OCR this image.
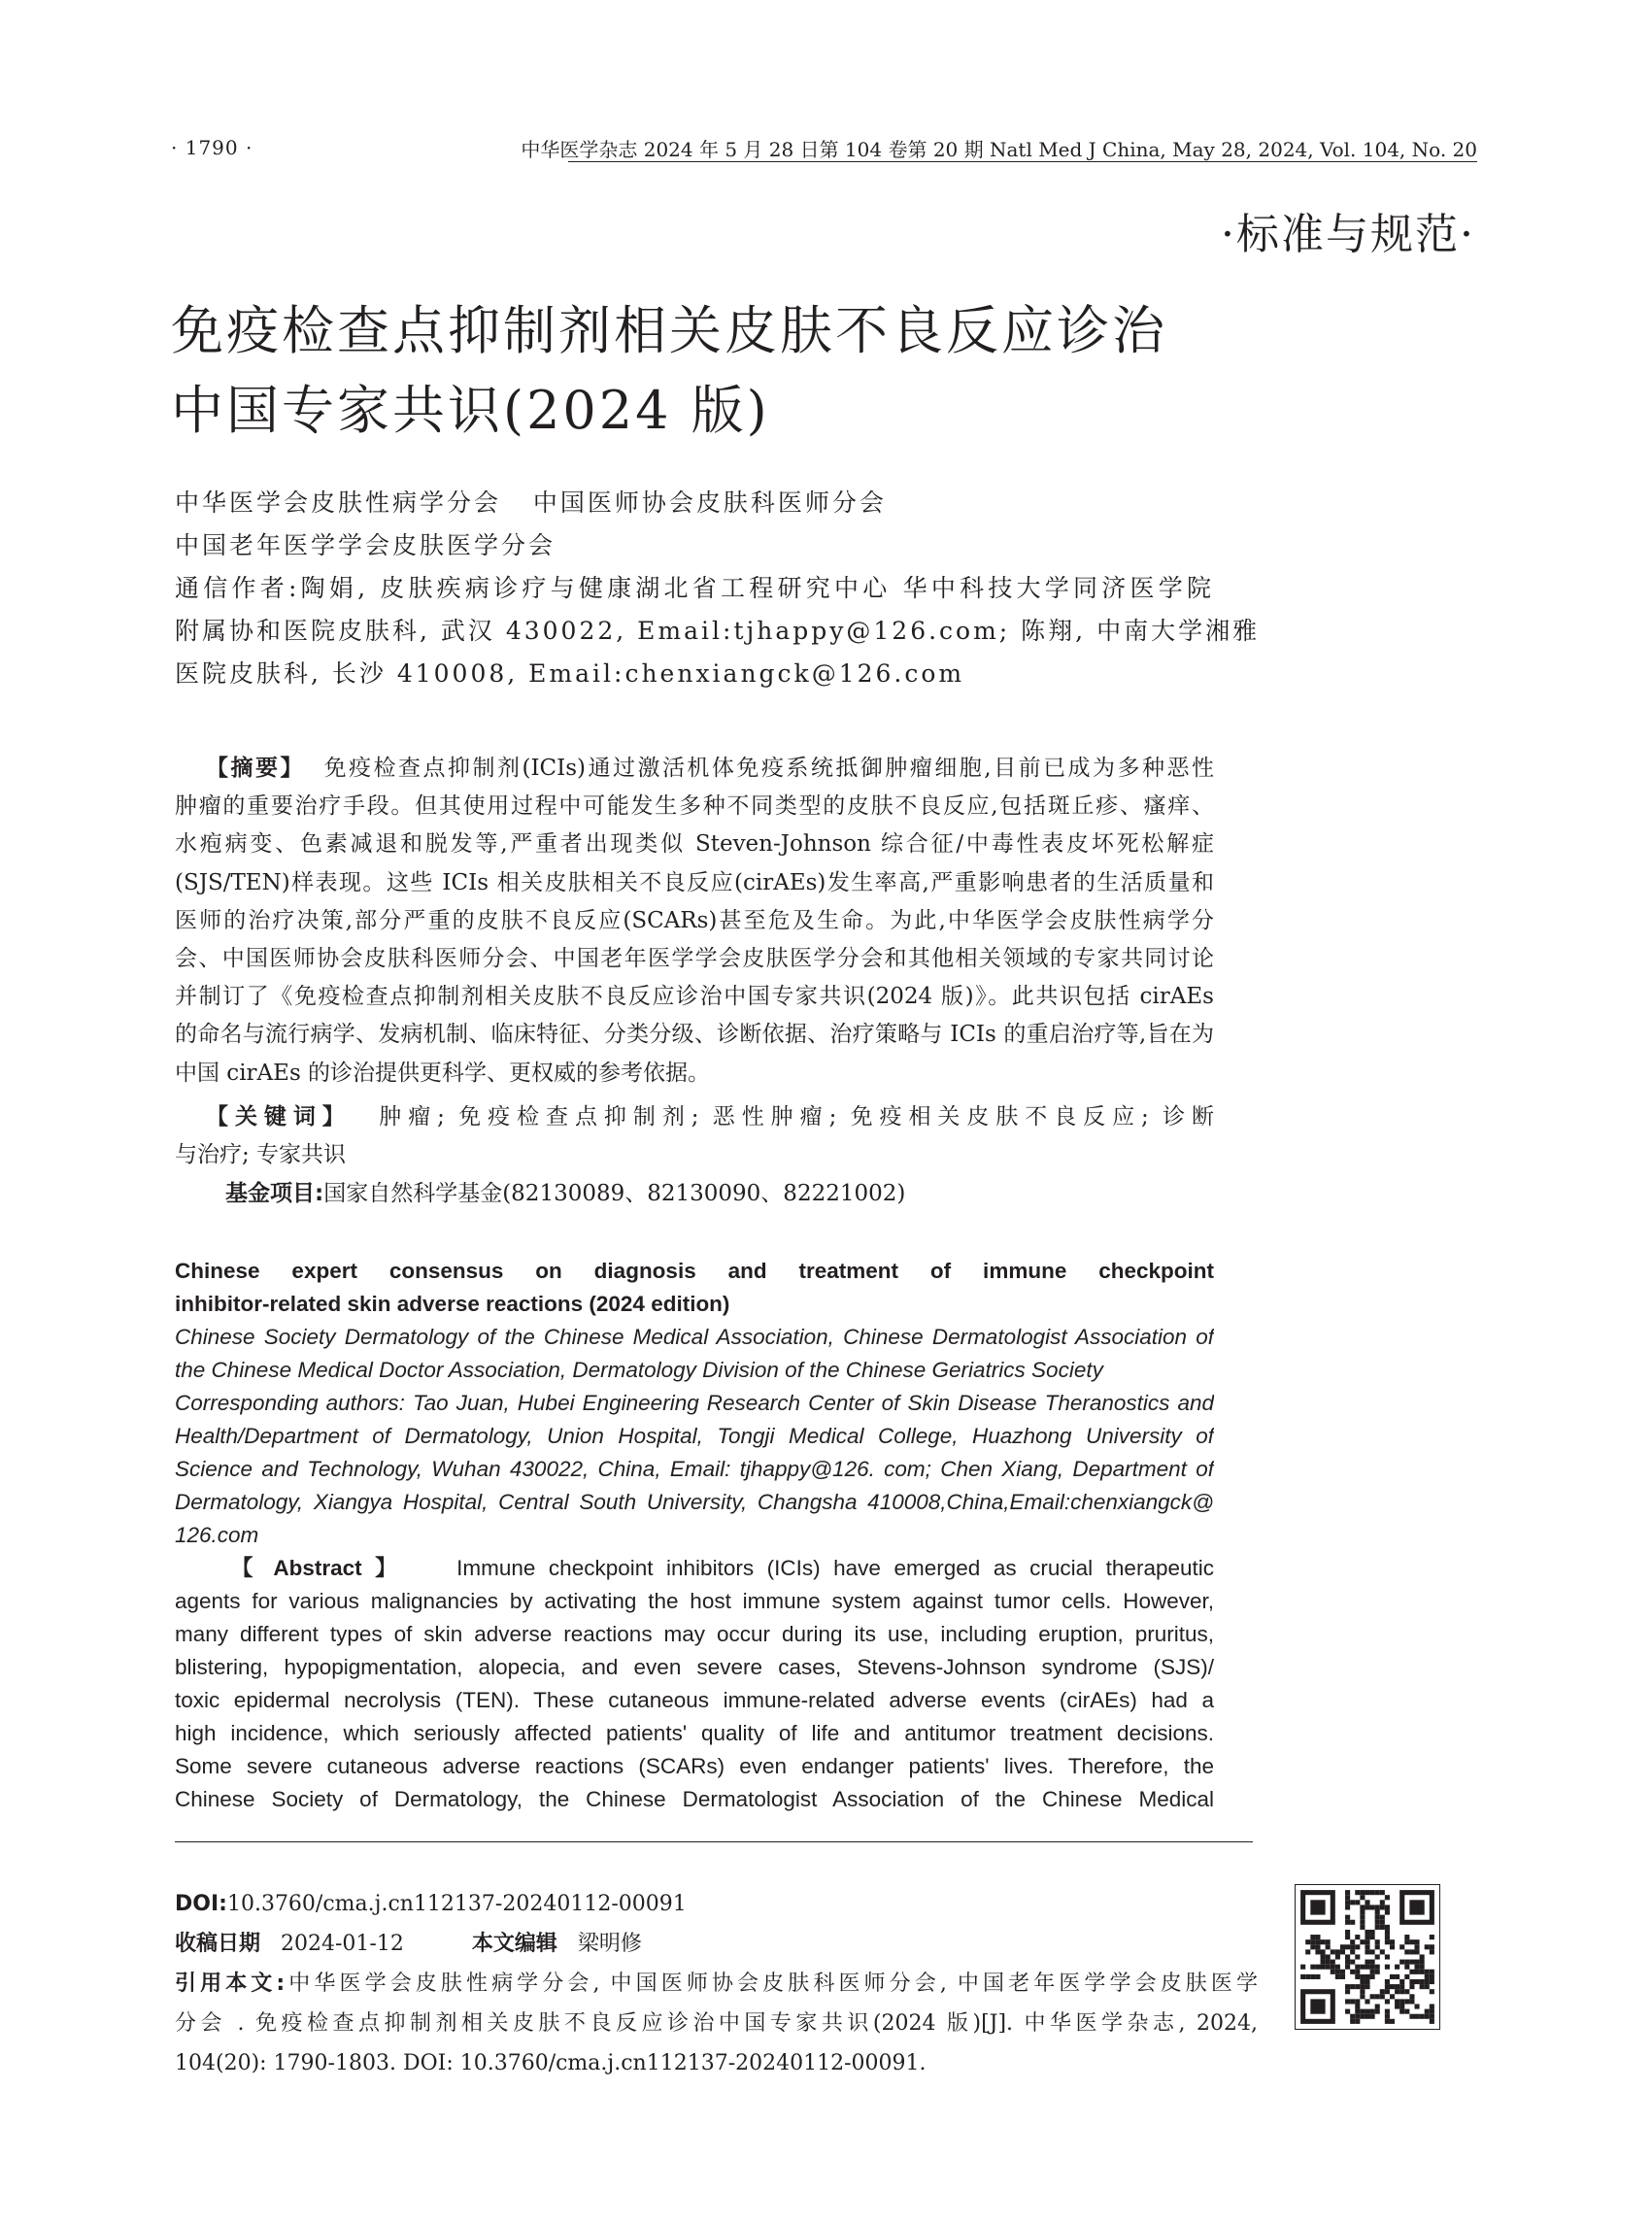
· 1790 ·	中华医学杂志 2024 年 5 月 28 日第 104 卷第 20 期 Natl Med J China, May 28, 2024, Vol. 104, No. 20
·标准与规范·
免疫检查点抑制剂相关皮肤不良反应诊治
中国专家共识(2024 版)
中华医学会皮肤性病学分会   中国医师协会皮肤科医师分会
中国老年医学学会皮肤医学分会
通信作者:陶娟, 皮肤疾病诊疗与健康湖北省工程研究中心 华中科技大学同济医学院
附属协和医院皮肤科, 武汉 430022, Email:tjhappy@126.com; 陈翔, 中南大学湘雅
医院皮肤科, 长沙 410008, Email:chenxiangck@126.com
【摘要】 免疫检查点抑制剂(ICIs)通过激活机体免疫系统抵御肿瘤细胞,目前已成为多种恶性
肿瘤的重要治疗手段。但其使用过程中可能发生多种不同类型的皮肤不良反应,包括斑丘疹、瘙痒、
水疱病变、色素减退和脱发等,严重者出现类似 Steven-Johnson 综合征/中毒性表皮坏死松解症
(SJS/TEN)样表现。这些 ICIs 相关皮肤相关不良反应(cirAEs)发生率高,严重影响患者的生活质量和
医师的治疗决策,部分严重的皮肤不良反应(SCARs)甚至危及生命。为此,中华医学会皮肤性病学分
会、中国医师协会皮肤科医师分会、中国老年医学学会皮肤医学分会和其他相关领域的专家共同讨论
并制订了《免疫检查点抑制剂相关皮肤不良反应诊治中国专家共识(2024 版)》。此共识包括 cirAEs
的命名与流行病学、发病机制、临床特征、分类分级、诊断依据、治疗策略与 ICIs 的重启治疗等,旨在为
中国 cirAEs 的诊治提供更科学、更权威的参考依据。
【关键词】 肿瘤; 免疫检查点抑制剂; 恶性肿瘤; 免疫相关皮肤不良反应; 诊断
与治疗; 专家共识
基金项目:国家自然科学基金(82130089、82130090、82221002)
Chinese expert consensus on diagnosis and treatment of immune checkpoint
inhibitor-related skin adverse reactions (2024 edition)
Chinese Society Dermatology of the Chinese Medical Association, Chinese Dermatologist Association of
the Chinese Medical Doctor Association, Dermatology Division of the Chinese Geriatrics Society
Corresponding authors: Tao Juan, Hubei Engineering Research Center of Skin Disease Theranostics and
Health/Department of Dermatology, Union Hospital, Tongji Medical College, Huazhong University of
Science and Technology, Wuhan 430022, China, Email: tjhappy@126. com; Chen Xiang, Department of
Dermatology, Xiangya Hospital, Central South University, Changsha 410008,China,Email:chenxiangck@
126.com
【 Abstract 】 Immune checkpoint inhibitors (ICIs) have emerged as crucial therapeutic
agents for various malignancies by activating the host immune system against tumor cells. However,
many different types of skin adverse reactions may occur during its use, including eruption, pruritus,
blistering, hypopigmentation, alopecia, and even severe cases, Stevens-Johnson syndrome (SJS)/
toxic epidermal necrolysis (TEN). These cutaneous immune-related adverse events (cirAEs) had a
high incidence, which seriously affected patients' quality of life and antitumor treatment decisions.
Some severe cutaneous adverse reactions (SCARs) even endanger patients' lives. Therefore, the
Chinese Society of Dermatology, the Chinese Dermatologist Association of the Chinese Medical
DOI:10.3760/cma.j.cn112137-20240112-00091
收稿日期 2024-01-12	本文编辑 梁明修
引用本文:中华医学会皮肤性病学分会, 中国医师协会皮肤科医师分会, 中国老年医学学会皮肤医学
分会 . 免疫检查点抑制剂相关皮肤不良反应诊治中国专家共识(2024 版)[J]. 中华医学杂志, 2024,
104(20): 1790-1803. DOI: 10.3760/cma.j.cn112137-20240112-00091.
